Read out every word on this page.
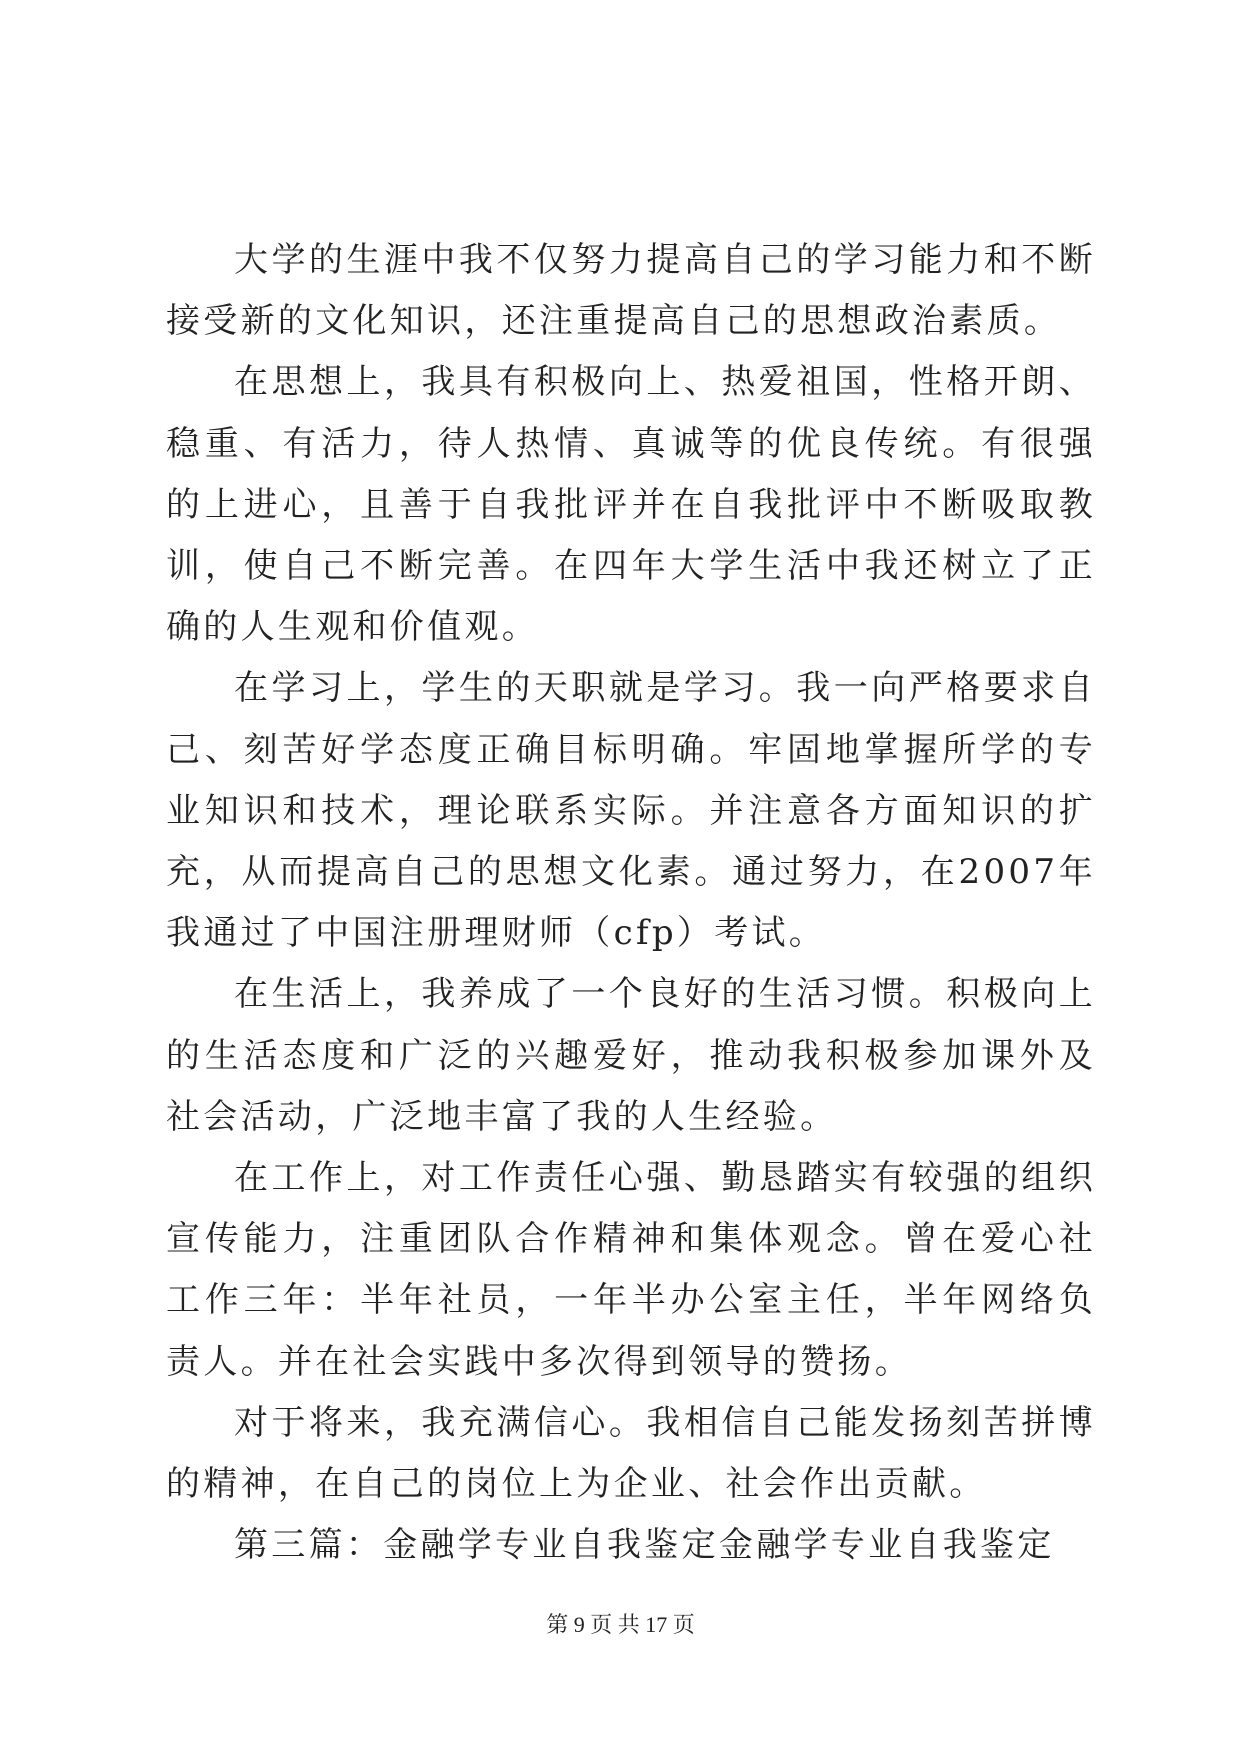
大学的生涯中我不仅努力提高自己的学习能力和不断接受新的文化知识，还注重提高自己的思想政治素质。

在思想上，我具有积极向上、热爱祖国，性格开朗、稳重、有活力，待人热情、真诚等的优良传统。有很强的上进心，且善于自我批评并在自我批评中不断吸取教训，使自己不断完善。在四年大学生活中我还树立了正确的人生观和价值观。

在学习上，学生的天职就是学习。我一向严格要求自己、刻苦好学态度正确目标明确。牢固地掌握所学的专业知识和技术，理论联系实际。并注意各方面知识的扩充，从而提高自己的思想文化素。通过努力，在2007年我通过了中国注册理财师（cfp）考试。

在生活上，我养成了一个良好的生活习惯。积极向上的生活态度和广泛的兴趣爱好，推动我积极参加课外及社会活动，广泛地丰富了我的人生经验。

在工作上，对工作责任心强、勤恳踏实有较强的组织宣传能力，注重团队合作精神和集体观念。曾在爱心社工作三年：半年社员，一年半办公室主任，半年网络负责人。并在社会实践中多次得到领导的赞扬。

对于将来，我充满信心。我相信自己能发扬刻苦拼博的精神，在自己的岗位上为企业、社会作出贡献。

第三篇：金融学专业自我鉴定金融学专业自我鉴定

第 9 页 共 17 页
